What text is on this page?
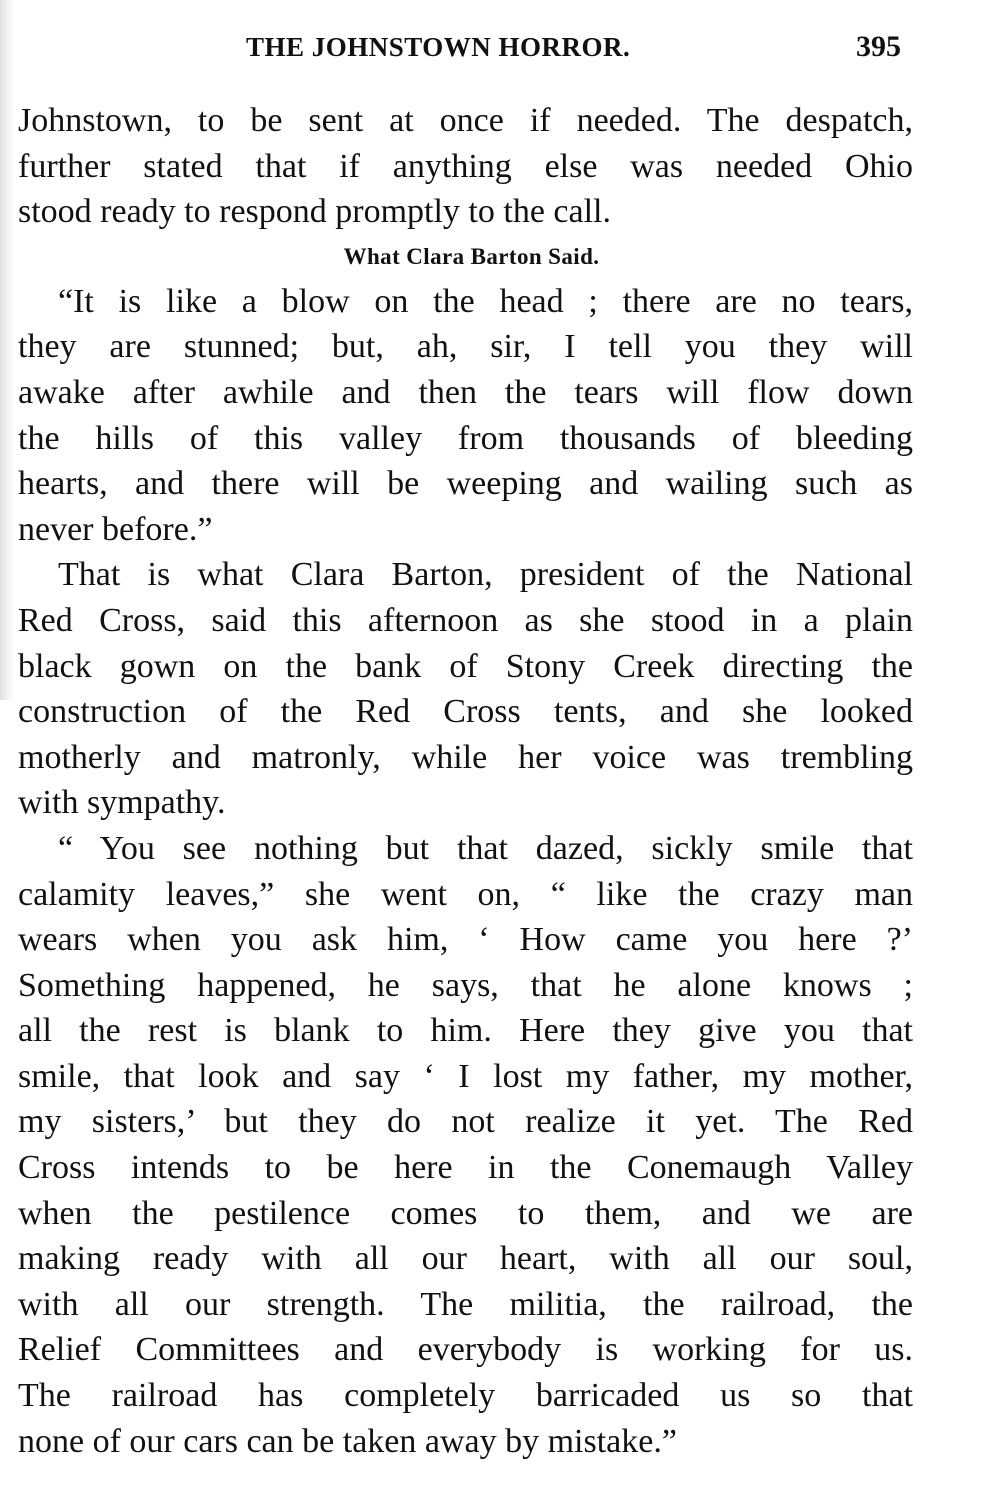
THE JOHNSTOWN HORROR.	395
Johnstown, to be sent at once if needed. The despatch,
further stated that if anything else was needed Ohio
stood ready to respond promptly to the call.
What Clara Barton Said.
“It is like a blow on the head ; there are no tears,
they are stunned; but, ah, sir, I tell you they will
awake after awhile and then the tears will flow down
the hills of this valley from thousands of bleeding
hearts, and there will be weeping and wailing such as
never before.”
That is what Clara Barton, president of the National
Red Cross, said this afternoon as she stood in a plain
black gown on the bank of Stony Creek directing the
construction of the Red Cross tents, and she looked
motherly and matronly, while her voice was trembling
with sympathy.
“ You see nothing but that dazed, sickly smile that
calamity leaves,” she went on, “ like the crazy man
wears when you ask him, ‘ How came you here ?’
Something happened, he says, that he alone knows ;
all the rest is blank to him. Here they give you that
smile, that look and say ‘ I lost my father, my mother,
my sisters,’ but they do not realize it yet. The Red
Cross intends to be here in the Conemaugh Valley
when the pestilence comes to them, and we are
making ready with all our heart, with all our soul,
with all our strength. The militia, the railroad, the
Relief Committees and everybody is working for us.
The railroad has completely barricaded us so that
none of our cars can be taken away by mistake.”
